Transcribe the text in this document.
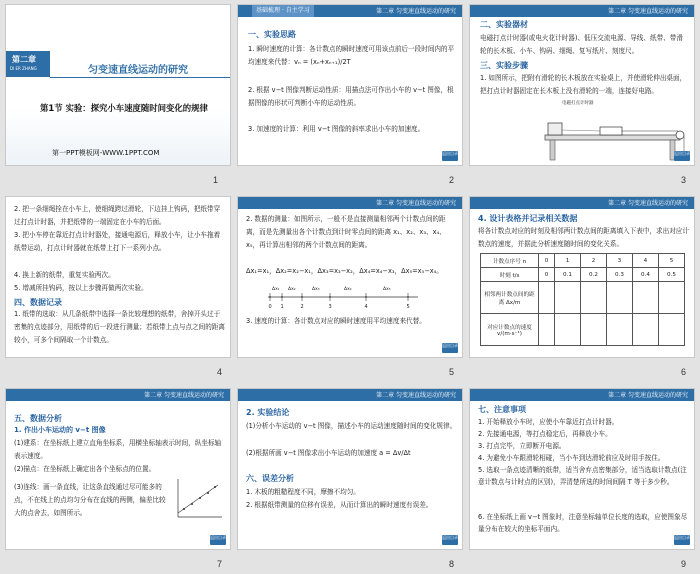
第二章
DI ER ZHANG	匀变速直线运动的研究
第1节 实验：探究小车速度随时间变化的规律
第一PPT模板网-WWW.1PPT.COM
1
基础梳理 · 自主学习	第二章 匀变速直线运动的研究
一、实验思路
1. 瞬时速度的计算：各计数点的瞬时速度可用该点前后一段时间内的平均速度来代替：vₙ = (xₙ+xₙ₊₁)/2T
2. 根据 v−t 图像判断运动性质：用描点法可作出小车的 v−t 图像，根据图像的形状可判断小车的运动性质。
3. 加速度的计算：利用 v−t 图像的斜率求出小车的加速度。
返回目录
2
第二章 匀变速直线运动的研究
二、实验器材
电磁打点计时器(或电火花计时器)、低压交流电源、导线、纸带、带滑轮的长木板、小车、钩码、细绳、复写纸片、刻度尺。
三、实验步骤
1. 如图所示，把附有滑轮的长木板放在实验桌上，并使滑轮伸出桌面，把打点计时器固定在长木板上没有滑轮的一端，连接好电路。
电磁打点计时器
返回目录
3
2. 把一条细绳拴在小车上，使细绳跨过滑轮，下边挂上钩码，把纸带穿过打点计时器，并把纸带的一端固定在小车的后面。
3. 把小车停在靠近打点计时器处，接通电源后，释放小车，让小车拖着纸带运动，打点计时器就在纸带上打下一系列小点。
4. 换上新的纸带，重复实验两次。
5. 增减所挂钩码，按以上步骤再做两次实验。
四、数据记录
1. 纸带的选取：从几条纸带中选择一条比较理想的纸带，舍掉开头过于密集的点迹部分，用纸带的后一段进行测量；若纸带上点与点之间的距离较小，可多个间隔取一个计数点。
4
第二章 匀变速直线运动的研究
2. 数据的测量：如图所示，一般不是直接测量相邻两个计数点间的距离，而是先测量出各个计数点到计时零点间的距离 x₁、x₂、x₃、x₄、x₅，再计算出相邻的两个计数点间的距离。
Δx₁=x₁，Δx₂=x₂−x₁，Δx₃=x₃−x₂，Δx₄=x₄−x₃，Δx₅=x₅−x₄。
0 1	2	3	4	5
Δx₁ Δx₂	Δx₃	Δx₄	Δx₅
3. 速度的计算：各计数点对应的瞬时速度用平均速度来代替。
返回目录
5
第二章 匀变速直线运动的研究
4. 设计表格并记录相关数据
将各计数点对应的时刻及相邻两计数点间的距离填入下表中，求出对应计数点的速度，并据此分析速度随时间的变化关系。
计数点序号 n	0	1	2	3	4	5
时刻 t/s	0	0.1	0.2	0.3	0.4	0.5
相邻两计数点间的距离 Δx/m						
对应计数点的速度 v/(m·s⁻¹)						
6
第二章 匀变速直线运动的研究
五、数据分析
1. 作出小车运动的 v−t 图像
(1)建系：在坐标纸上建立直角坐标系，用横坐标轴表示时间，纵坐标轴表示速度。
(2)描点：在坐标纸上确定出各个坐标点的位置。
(3)连线：画一条直线，让这条直线通过尽可能多的点，不在线上的点均匀分布在直线的两侧，偏差比较大的点舍去，如图所示。
返回目录
7
第二章 匀变速直线运动的研究
2. 实验结论
(1)分析小车运动的 v−t 图像，描述小车的运动速度随时间的变化规律。
(2)根据所画 v−t 图像求出小车运动的加速度 a = Δv/Δt
六、误差分析
1. 木板的粗糙程度不同，摩擦不均匀。
2. 根据纸带测量的位移有误差，从而计算出的瞬时速度有误差。
返回目录
8
第二章 匀变速直线运动的研究
七、注意事项
1. 开始释放小车时，应使小车靠近打点计时器。
2. 先接通电源，等打点稳定后，再释放小车。
3. 打点完毕，立即断开电源。
4. 为避免小车跟滑轮相碰，当小车到达滑轮前应及时用手按住。
5. 选取一条点迹清晰的纸带，适当舍弃点密集部分，适当选取计数点(注意计数点与计时点的区别)，弄清楚所选的时间间隔 T 等于多少秒。
6. 在坐标纸上画 v−t 图象时，注意坐标轴单位长度的选取，应使图象尽量分布在较大的坐标平面内。
返回目录
9
